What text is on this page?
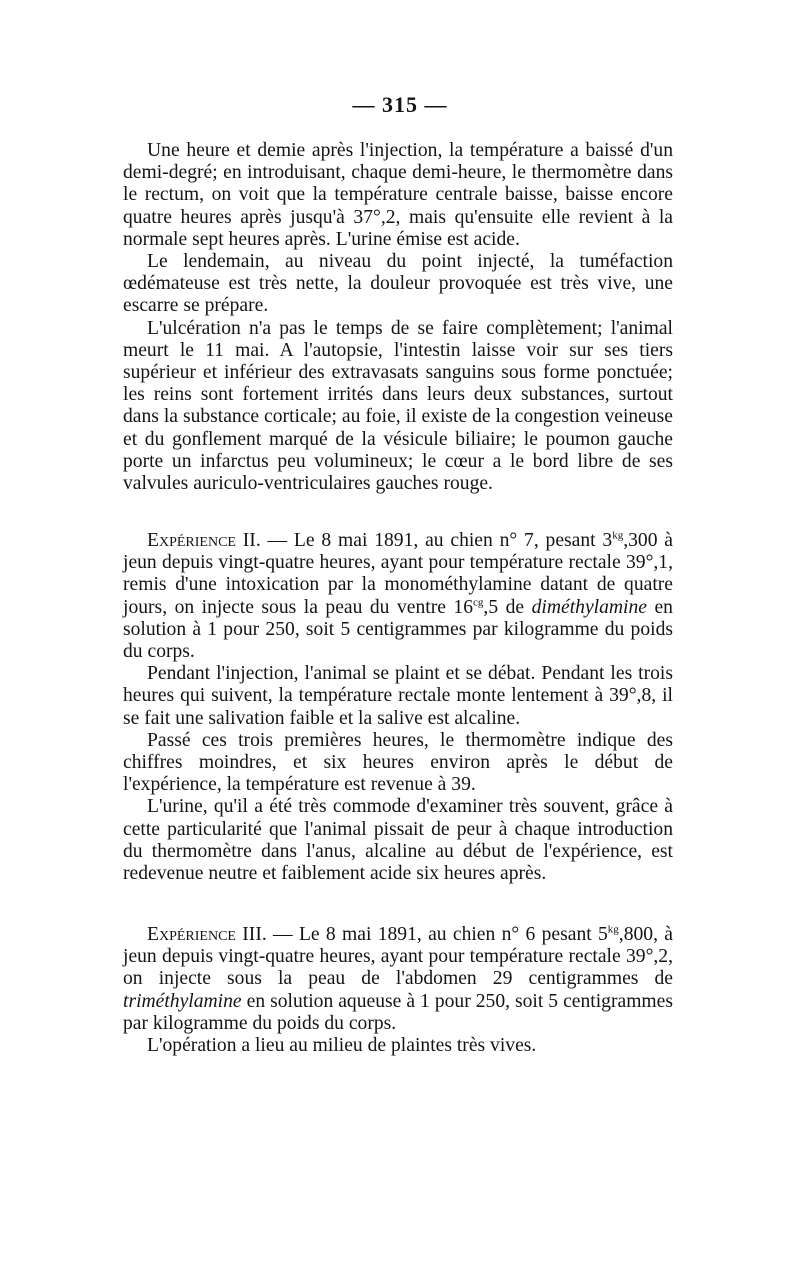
— 315 —

Une heure et demie après l'injection, la température a baissé d'un demi-degré; en introduisant, chaque demi-heure, le thermomètre dans le rectum, on voit que la température centrale baisse, baisse encore quatre heures après jusqu'à 37°,2, mais qu'ensuite elle revient à la normale sept heures après. L'urine émise est acide.

Le lendemain, au niveau du point injecté, la tuméfaction œdémateuse est très nette, la douleur provoquée est très vive, une escarre se prépare.

L'ulcération n'a pas le temps de se faire complètement; l'animal meurt le 11 mai. A l'autopsie, l'intestin laisse voir sur ses tiers supérieur et inférieur des extravasats sanguins sous forme ponctuée; les reins sont fortement irrités dans leurs deux substances, surtout dans la substance corticale; au foie, il existe de la congestion veineuse et du gonflement marqué de la vésicule biliaire; le poumon gauche porte un infarctus peu volumineux; le cœur a le bord libre de ses valvules auriculo-ventriculaires gauches rouge.

Expérience II. — Le 8 mai 1891, au chien n° 7, pesant $3^{kg},300$ à jeun depuis vingt-quatre heures, ayant pour température rectale 39°,1, remis d'une intoxication par la monométhylamine datant de quatre jours, on injecte sous la peau du ventre $16^{cg},5$ de diméthylamine en solution à 1 pour 250, soit 5 centigrammes par kilogramme du poids du corps.

Pendant l'injection, l'animal se plaint et se débat. Pendant les trois heures qui suivent, la température rectale monte lentement à 39°,8, il se fait une salivation faible et la salive est alcaline.

Passé ces trois premières heures, le thermomètre indique des chiffres moindres, et six heures environ après le début de l'expérience, la température est revenue à 39.

L'urine, qu'il a été très commode d'examiner très souvent, grâce à cette particularité que l'animal pissait de peur à chaque introduction du thermomètre dans l'anus, alcaline au début de l'expérience, est redevenue neutre et faiblement acide six heures après.

Expérience III. — Le 8 mai 1891, au chien n° 6 pesant $5^{kg},800$, à jeun depuis vingt-quatre heures, ayant pour température rectale 39°,2, on injecte sous la peau de l'abdomen 29 centigrammes de triméthylamine en solution aqueuse à 1 pour 250, soit 5 centigrammes par kilogramme du poids du corps.

L'opération a lieu au milieu de plaintes très vives.
